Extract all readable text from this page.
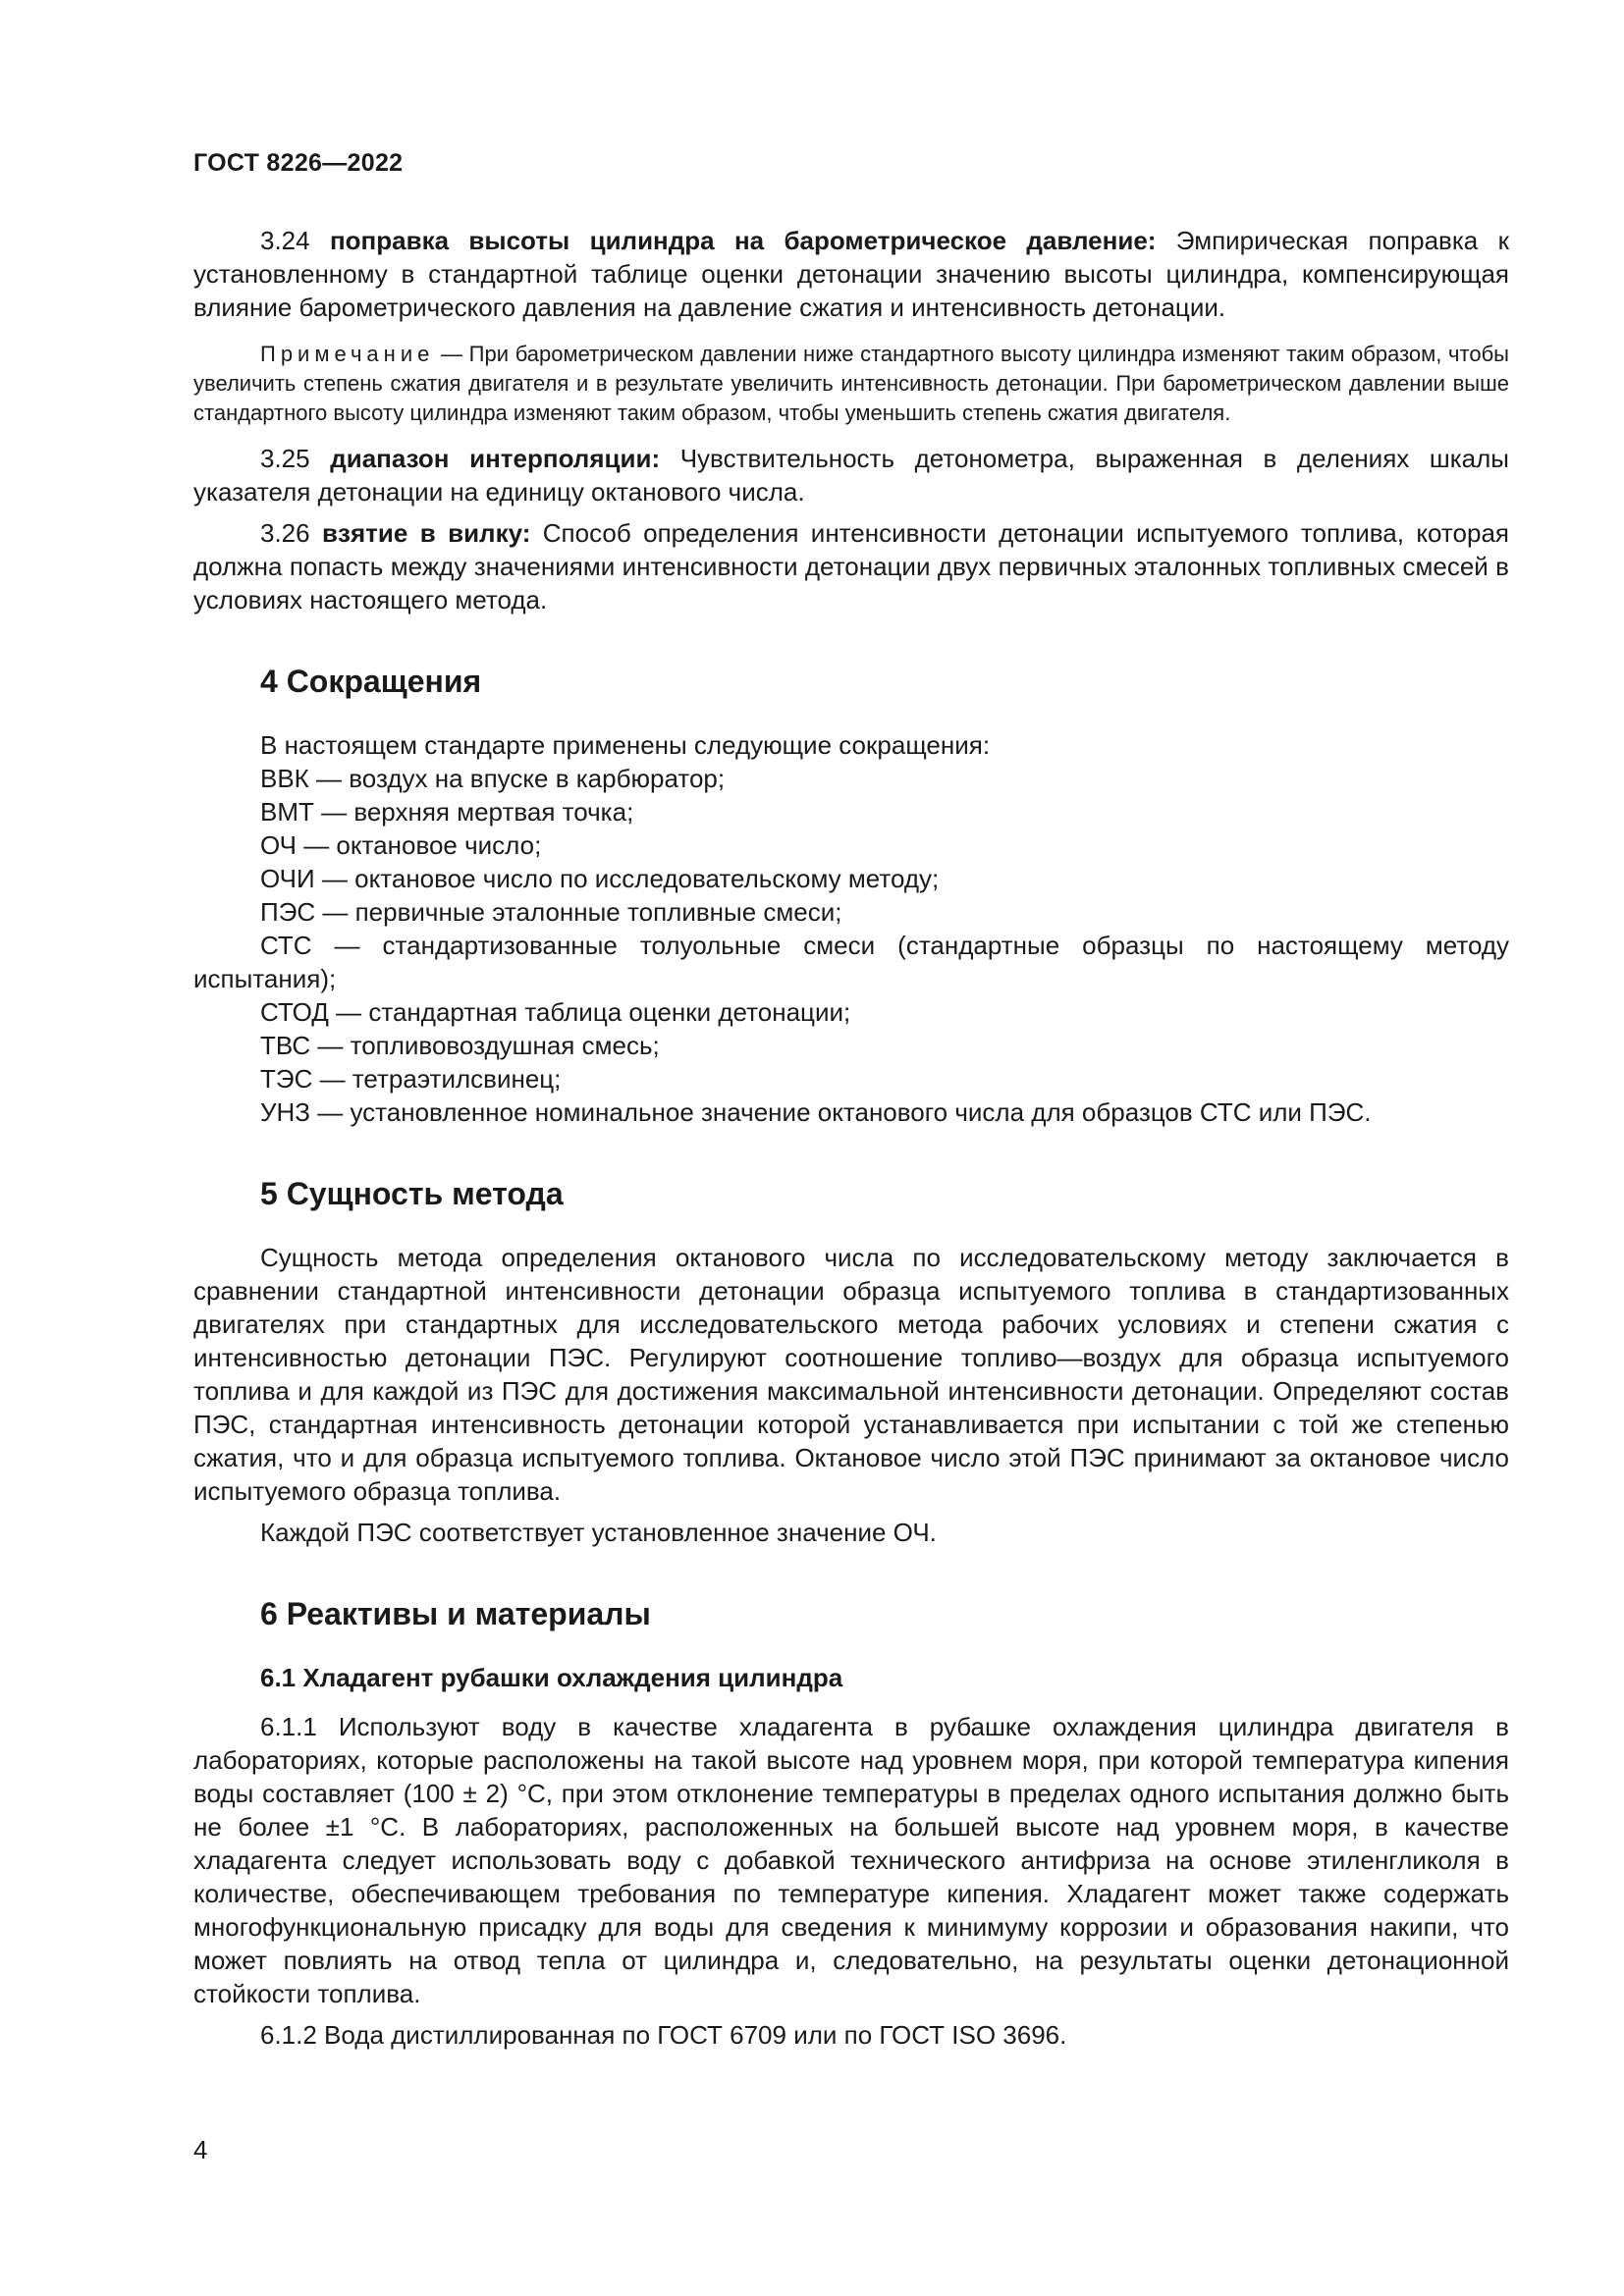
ГОСТ 8226—2022

3.24 поправка высоты цилиндра на барометрическое давление: Эмпирическая поправка к установленному в стандартной таблице оценки детонации значению высоты цилиндра, компенсирующая влияние барометрического давления на давление сжатия и интенсивность детонации.

Примечание — При барометрическом давлении ниже стандартного высоту цилиндра изменяют таким образом, чтобы увеличить степень сжатия двигателя и в результате увеличить интенсивность детонации. При барометрическом давлении выше стандартного высоту цилиндра изменяют таким образом, чтобы уменьшить степень сжатия двигателя.

3.25 диапазон интерполяции: Чувствительность детонометра, выраженная в делениях шкалы указателя детонации на единицу октанового числа.

3.26 взятие в вилку: Способ определения интенсивности детонации испытуемого топлива, которая должна попасть между значениями интенсивности детонации двух первичных эталонных топливных смесей в условиях настоящего метода.

4 Сокращения

В настоящем стандарте применены следующие сокращения:

ВВК — воздух на впуске в карбюратор;

ВМТ — верхняя мертвая точка;

ОЧ — октановое число;

ОЧИ — октановое число по исследовательскому методу;

ПЭС — первичные эталонные топливные смеси;

СТС — стандартизованные толуольные смеси (стандартные образцы по настоящему методу испытания);

СТОД — стандартная таблица оценки детонации;

ТВС — топливовоздушная смесь;

ТЭС — тетраэтилсвинец;

УНЗ — установленное номинальное значение октанового числа для образцов СТС или ПЭС.

5 Сущность метода

Сущность метода определения октанового числа по исследовательскому методу заключается в сравнении стандартной интенсивности детонации образца испытуемого топлива в стандартизованных двигателях при стандартных для исследовательского метода рабочих условиях и степени сжатия с интенсивностью детонации ПЭС. Регулируют соотношение топливо—воздух для образца испытуемого топлива и для каждой из ПЭС для достижения максимальной интенсивности детонации. Определяют состав ПЭС, стандартная интенсивность детонации которой устанавливается при испытании с той же степенью сжатия, что и для образца испытуемого топлива. Октановое число этой ПЭС принимают за октановое число испытуемого образца топлива.

Каждой ПЭС соответствует установленное значение ОЧ.

6 Реактивы и материалы
6.1 Хладагент рубашки охлаждения цилиндра

6.1.1 Используют воду в качестве хладагента в рубашке охлаждения цилиндра двигателя в лабораториях, которые расположены на такой высоте над уровнем моря, при которой температура кипения воды составляет (100 ± 2) °С, при этом отклонение температуры в пределах одного испытания должно быть не более ±1 °С. В лабораториях, расположенных на большей высоте над уровнем моря, в качестве хладагента следует использовать воду с добавкой технического антифриза на основе этиленгликоля в количестве, обеспечивающем требования по температуре кипения. Хладагент может также содержать многофункциональную присадку для воды для сведения к минимуму коррозии и образования накипи, что может повлиять на отвод тепла от цилиндра и, следовательно, на результаты оценки детонационной стойкости топлива.

6.1.2 Вода дистиллированная по ГОСТ 6709 или по ГОСТ ISO 3696.

4
